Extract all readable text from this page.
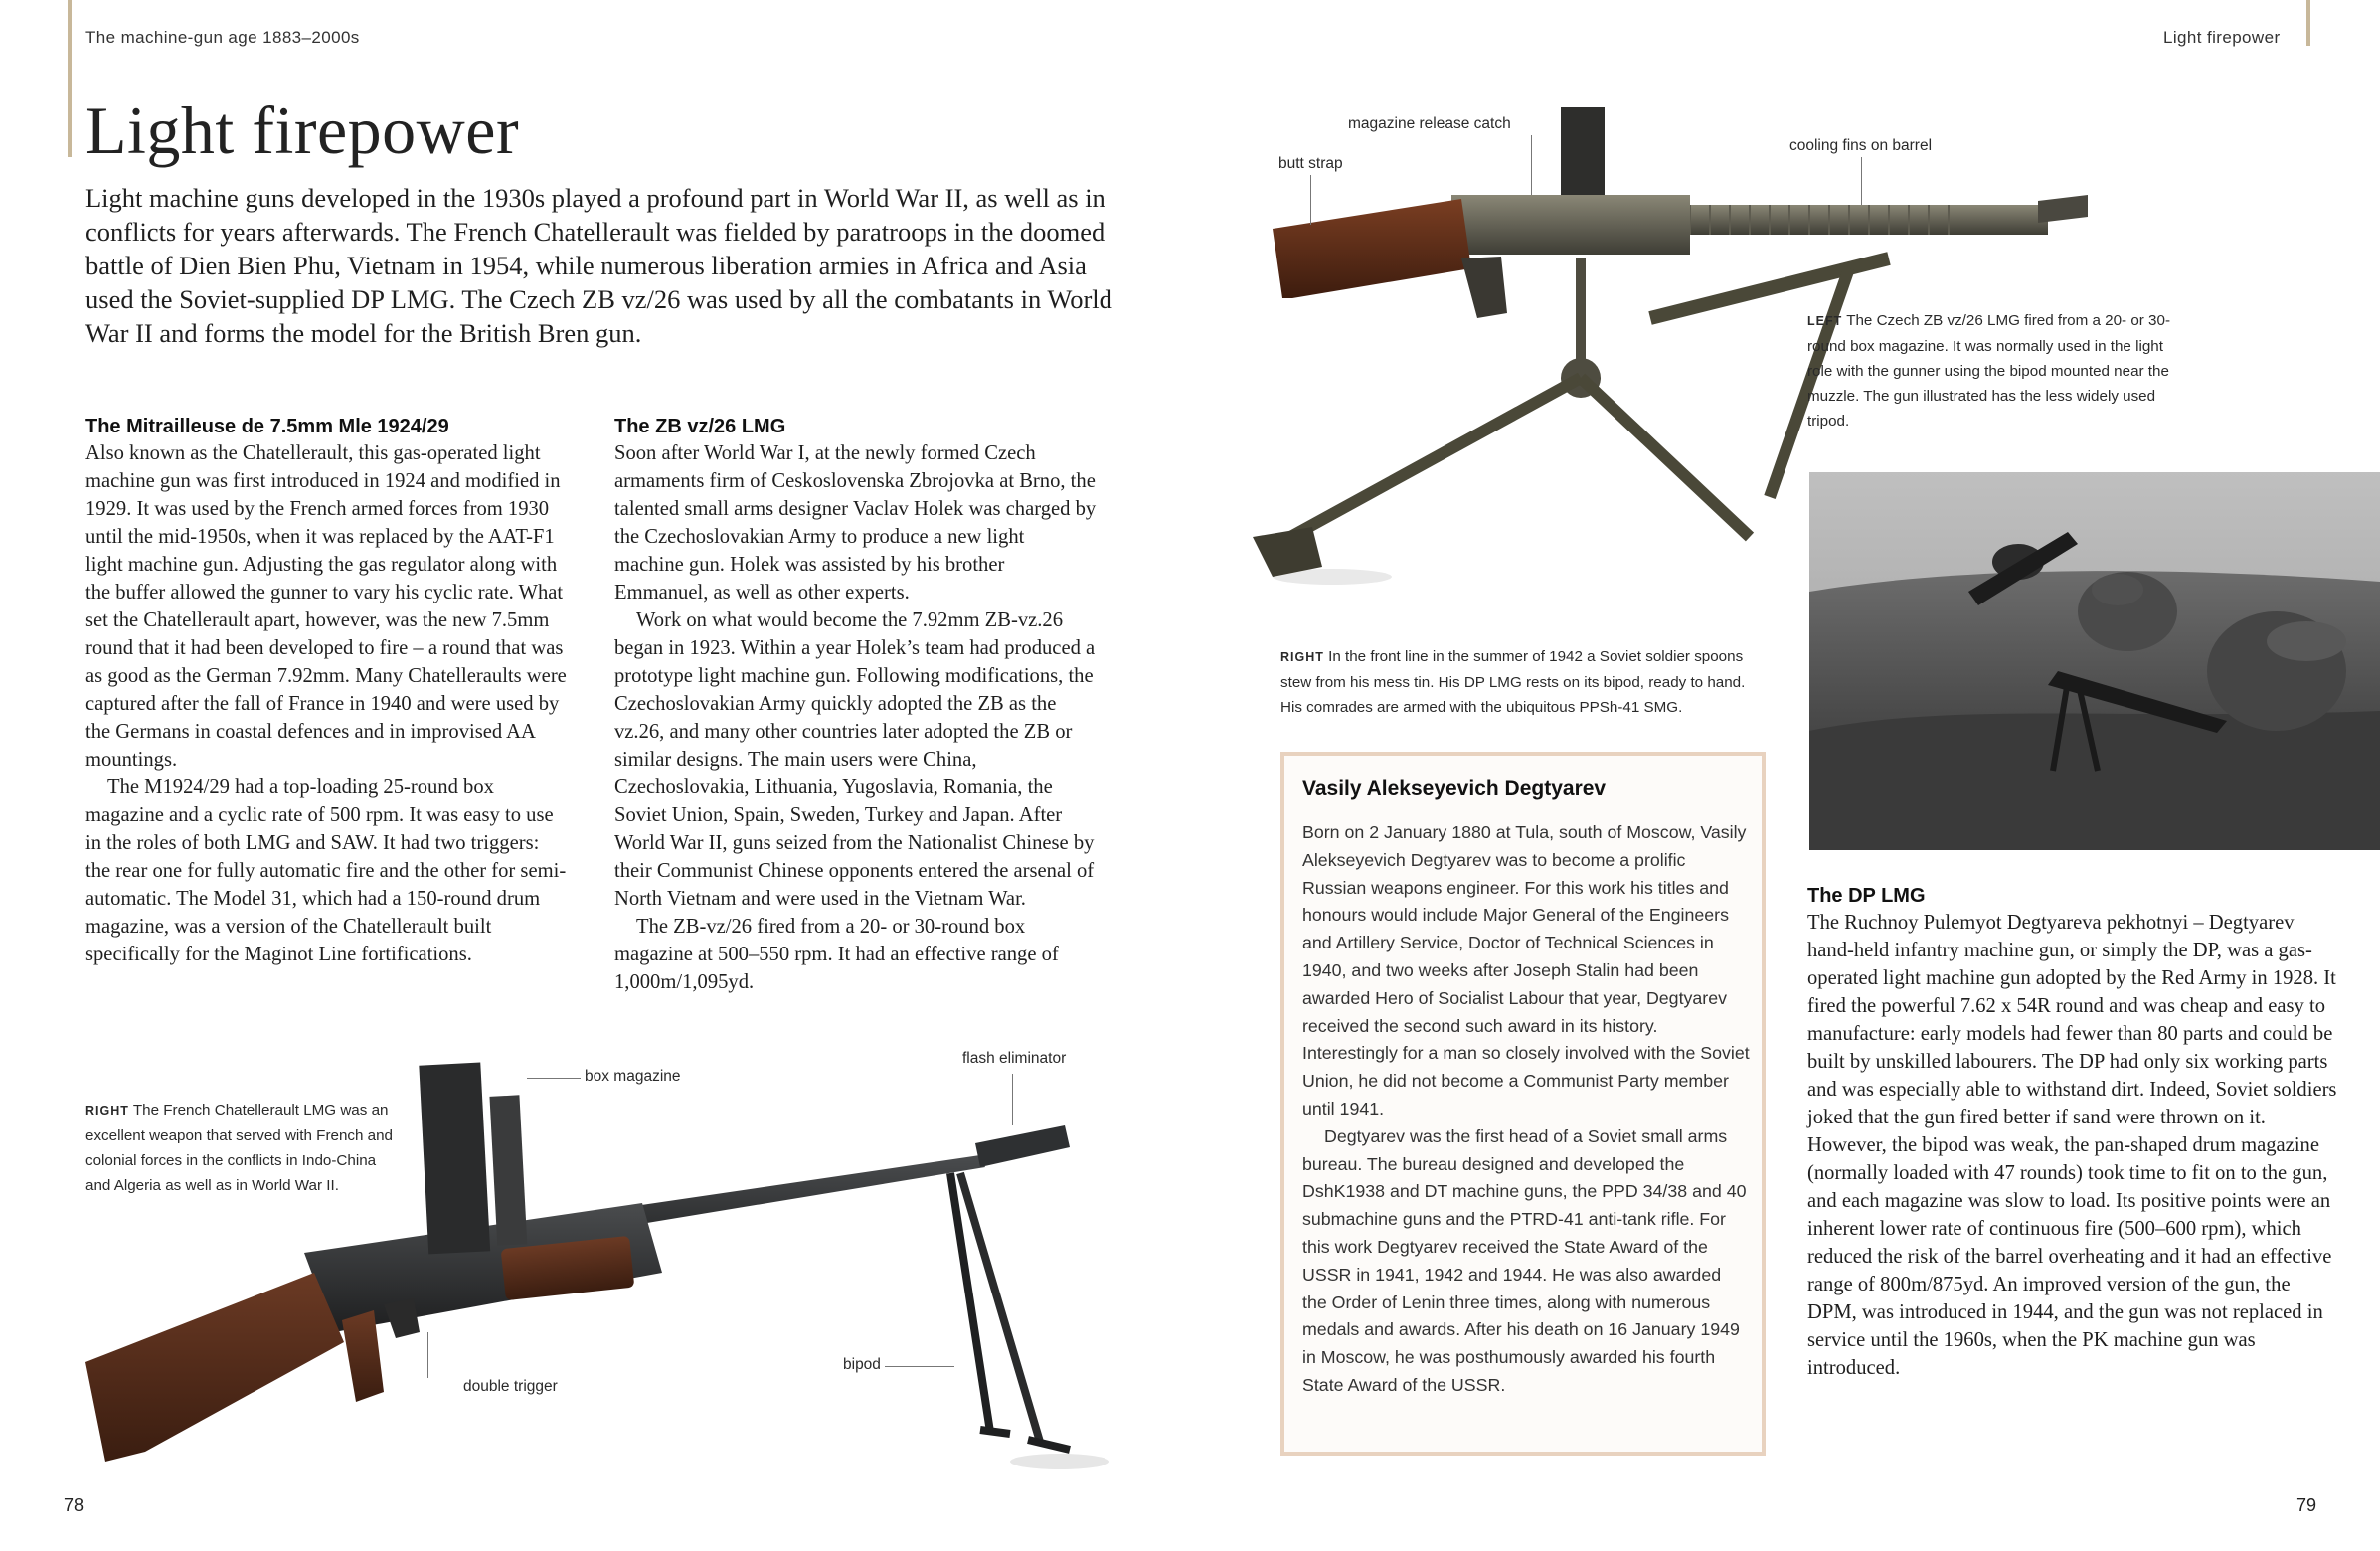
The machine-gun age 1883–2000s	Light firepower
Light firepower
Light machine guns developed in the 1930s played a profound part in World War II, as well as in conflicts for years afterwards. The French Chatellerault was fielded by paratroops in the doomed battle of Dien Bien Phu, Vietnam in 1954, while numerous liberation armies in Africa and Asia used the Soviet-supplied DP LMG. The Czech ZB vz/26 was used by all the combatants in World War II and forms the model for the British Bren gun.
The Mitrailleuse de 7.5mm Mle 1924/29

Also known as the Chatellerault, this gas-operated light machine gun was first introduced in 1924 and modified in 1929. It was used by the French armed forces from 1930 until the mid-1950s, when it was replaced by the AAT-F1 light machine gun. Adjusting the gas regulator along with the buffer allowed the gunner to vary his cyclic rate. What set the Chatellerault apart, however, was the new 7.5mm round that it had been developed to fire – a round that was as good as the German 7.92mm. Many Chatelleraults were captured after the fall of France in 1940 and were used by the Germans in coastal defences and in improvised AA mountings.

The M1924/29 had a top-loading 25-round box magazine and a cyclic rate of 500 rpm. It was easy to use in the roles of both LMG and SAW. It had two triggers: the rear one for fully automatic fire and the other for semi-automatic. The Model 31, which had a 150-round drum magazine, was a version of the Chatellerault built specifically for the Maginot Line fortifications.

The ZB vz/26 LMG

Soon after World War I, at the newly formed Czech armaments firm of Ceskoslovenska Zbrojovka at Brno, the talented small arms designer Vaclav Holek was charged by the Czechoslovakian Army to produce a new light machine gun. Holek was assisted by his brother Emmanuel, as well as other experts.

Work on what would become the 7.92mm ZB-vz.26 began in 1923. Within a year Holek’s team had produced a prototype light machine gun. Following modifications, the Czechoslovakian Army quickly adopted the ZB as the vz.26, and many other countries later adopted the ZB or similar designs. The main users were China, Czechoslovakia, Lithuania, Yugoslavia, Romania, the Soviet Union, Spain, Sweden, Turkey and Japan. After World War II, guns seized from the Nationalist Chinese by their Communist Chinese opponents entered the arsenal of North Vietnam and were used in the Vietnam War.

The ZB-vz/26 fired from a 20- or 30-round box magazine at 500–550 rpm. It had an effective range of 1,000m/1,095yd.

box magazine
flash eliminator
double trigger
bipod
RIGHT The French Chatellerault LMG was an excellent weapon that served with French and colonial forces in the conflicts in Indo-China and Algeria as well as in World War II.
magazine release catch
butt strap
cooling fins on barrel
LEFT The Czech ZB vz/26 LMG fired from a 20- or 30-round box magazine. It was normally used in the light role with the gunner using the bipod mounted near the muzzle. The gun illustrated has the less widely used tripod.
RIGHT In the front line in the summer of 1942 a Soviet soldier spoons stew from his mess tin. His DP LMG rests on its bipod, ready to hand. His comrades are armed with the ubiquitous PPSh-41 SMG.
Vasily Alekseyevich Degtyarev

Born on 2 January 1880 at Tula, south of Moscow, Vasily Alekseyevich Degtyarev was to become a prolific Russian weapons engineer. For this work his titles and honours would include Major General of the Engineers and Artillery Service, Doctor of Technical Sciences in 1940, and two weeks after Joseph Stalin had been awarded Hero of Socialist Labour that year, Degtyarev received the second such award in its history. Interestingly for a man so closely involved with the Soviet Union, he did not become a Communist Party member until 1941.

Degtyarev was the first head of a Soviet small arms bureau. The bureau designed and developed the DshK1938 and DT machine guns, the PPD 34/38 and 40 submachine guns and the PTRD-41 anti-tank rifle. For this work Degtyarev received the State Award of the USSR in 1941, 1942 and 1944. He was also awarded the Order of Lenin three times, along with numerous medals and awards. After his death on 16 January 1949 in Moscow, he was posthumously awarded his fourth State Award of the USSR.

The DP LMG

The Ruchnoy Pulemyot Degtyareva pekhotnyi – Degtyarev hand-held infantry machine gun, or simply the DP, was a gas-operated light machine gun adopted by the Red Army in 1928. It fired the powerful 7.62 x 54R round and was cheap and easy to manufacture: early models had fewer than 80 parts and could be built by unskilled labourers. The DP had only six working parts and was especially able to withstand dirt. Indeed, Soviet soldiers joked that the gun fired better if sand were thrown on it. However, the bipod was weak, the pan-shaped drum magazine (normally loaded with 47 rounds) took time to fit on to the gun, and each magazine was slow to load. Its positive points were an inherent lower rate of continuous fire (500–600 rpm), which reduced the risk of the barrel overheating and it had an effective range of 800m/875yd. An improved version of the gun, the DPM, was introduced in 1944, and the gun was not replaced in service until the 1960s, when the PK machine gun was introduced.

78	79
